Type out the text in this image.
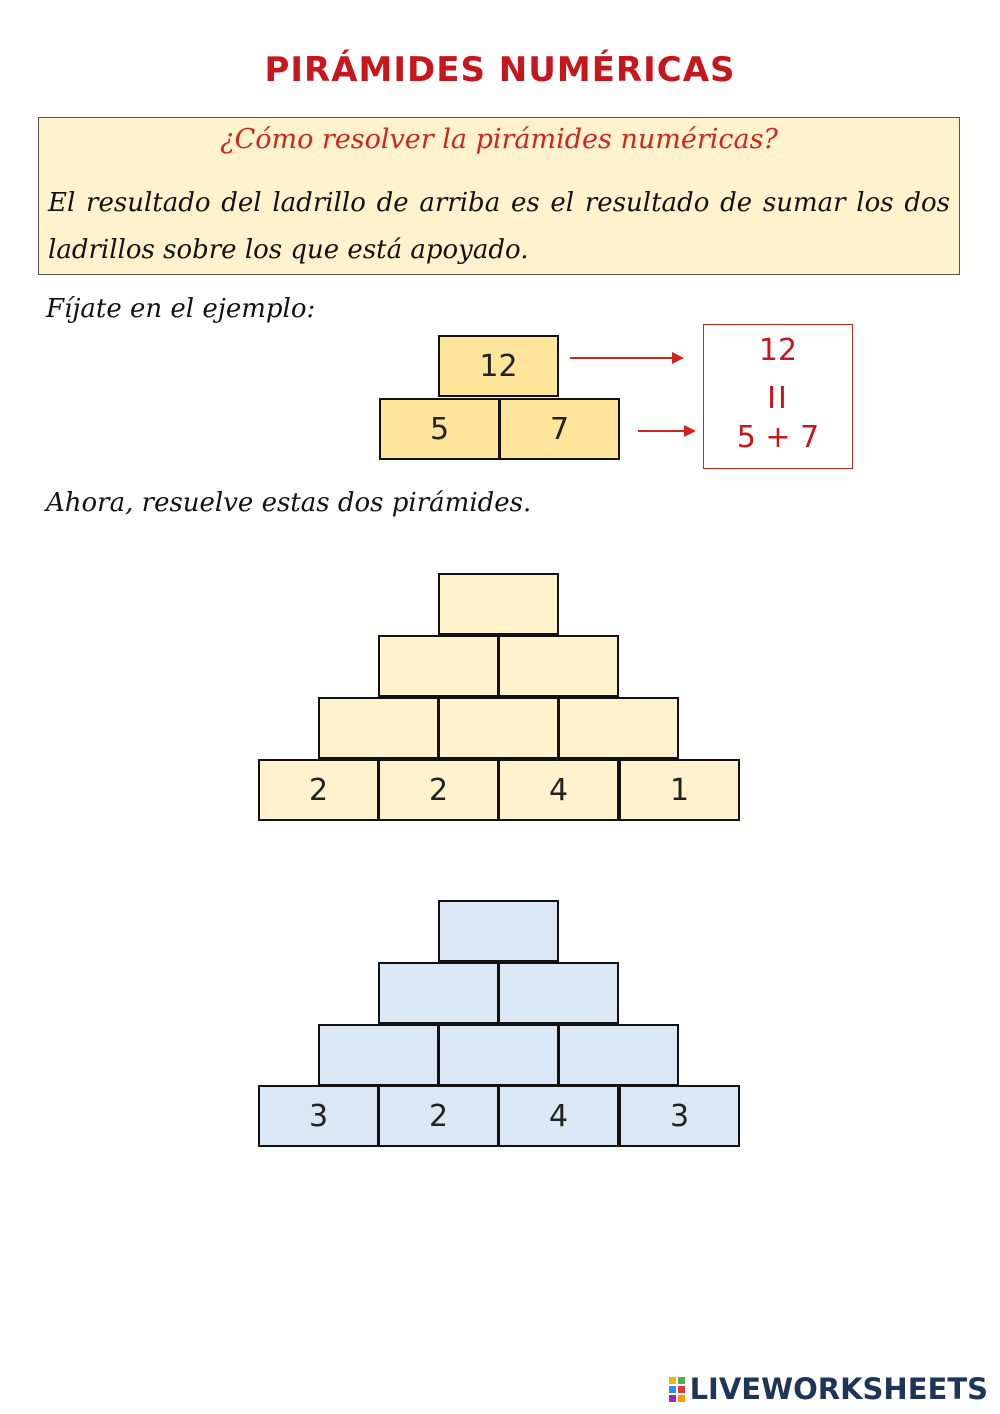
PIRÁMIDES NUMÉRICAS
¿Cómo resolver la pirámides numéricas?
El resultado del ladrillo de arriba es el resultado de sumar los dos ladrillos sobre los que está apoyado.
Fíjate en el ejemplo:
12
5	7
12
II
5 + 7
Ahora, resuelve estas dos pirámides.
2	2	4	1
3	2	4	3
LIVEWORKSHEETS
